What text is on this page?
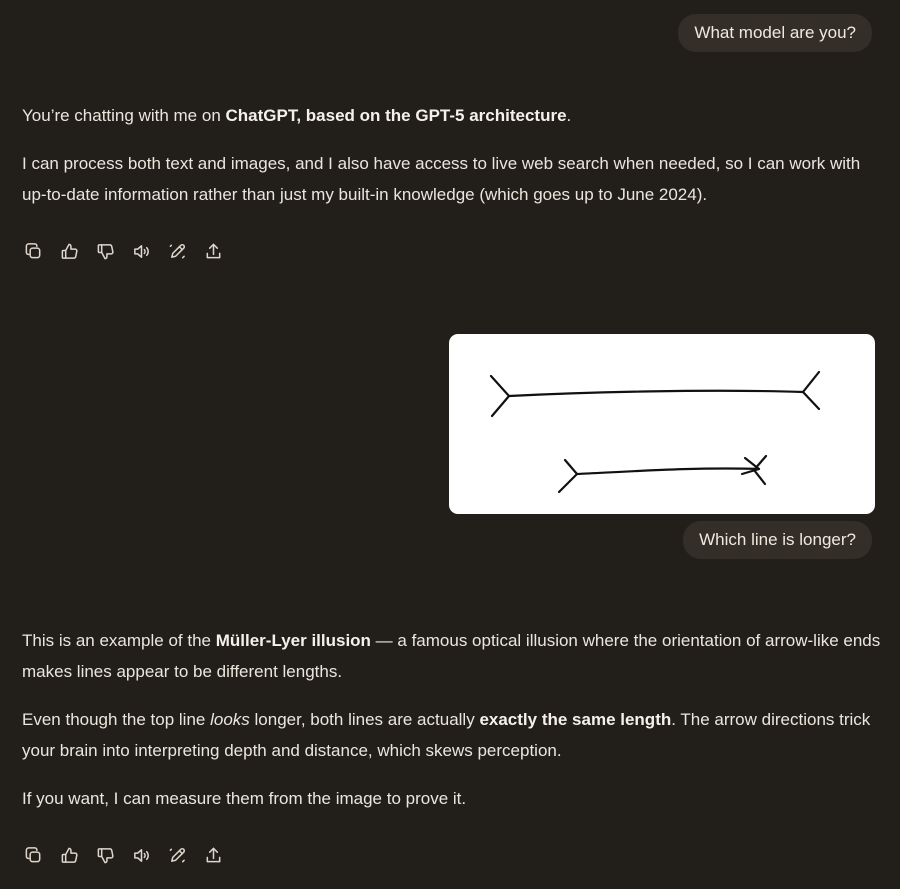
What model are you?

You’re chatting with me on ChatGPT, based on the GPT-5 architecture.

I can process both text and images, and I also have access to live web search when needed, so I can work with up-to-date information rather than just my built-in knowledge (which goes up to June 2024).

Which line is longer?

This is an example of the Müller-Lyer illusion — a famous optical illusion where the orientation of arrow-like ends makes lines appear to be different lengths.

Even though the top line looks longer, both lines are actually exactly the same length. The arrow directions trick your brain into interpreting depth and distance, which skews perception.

If you want, I can measure them from the image to prove it.
